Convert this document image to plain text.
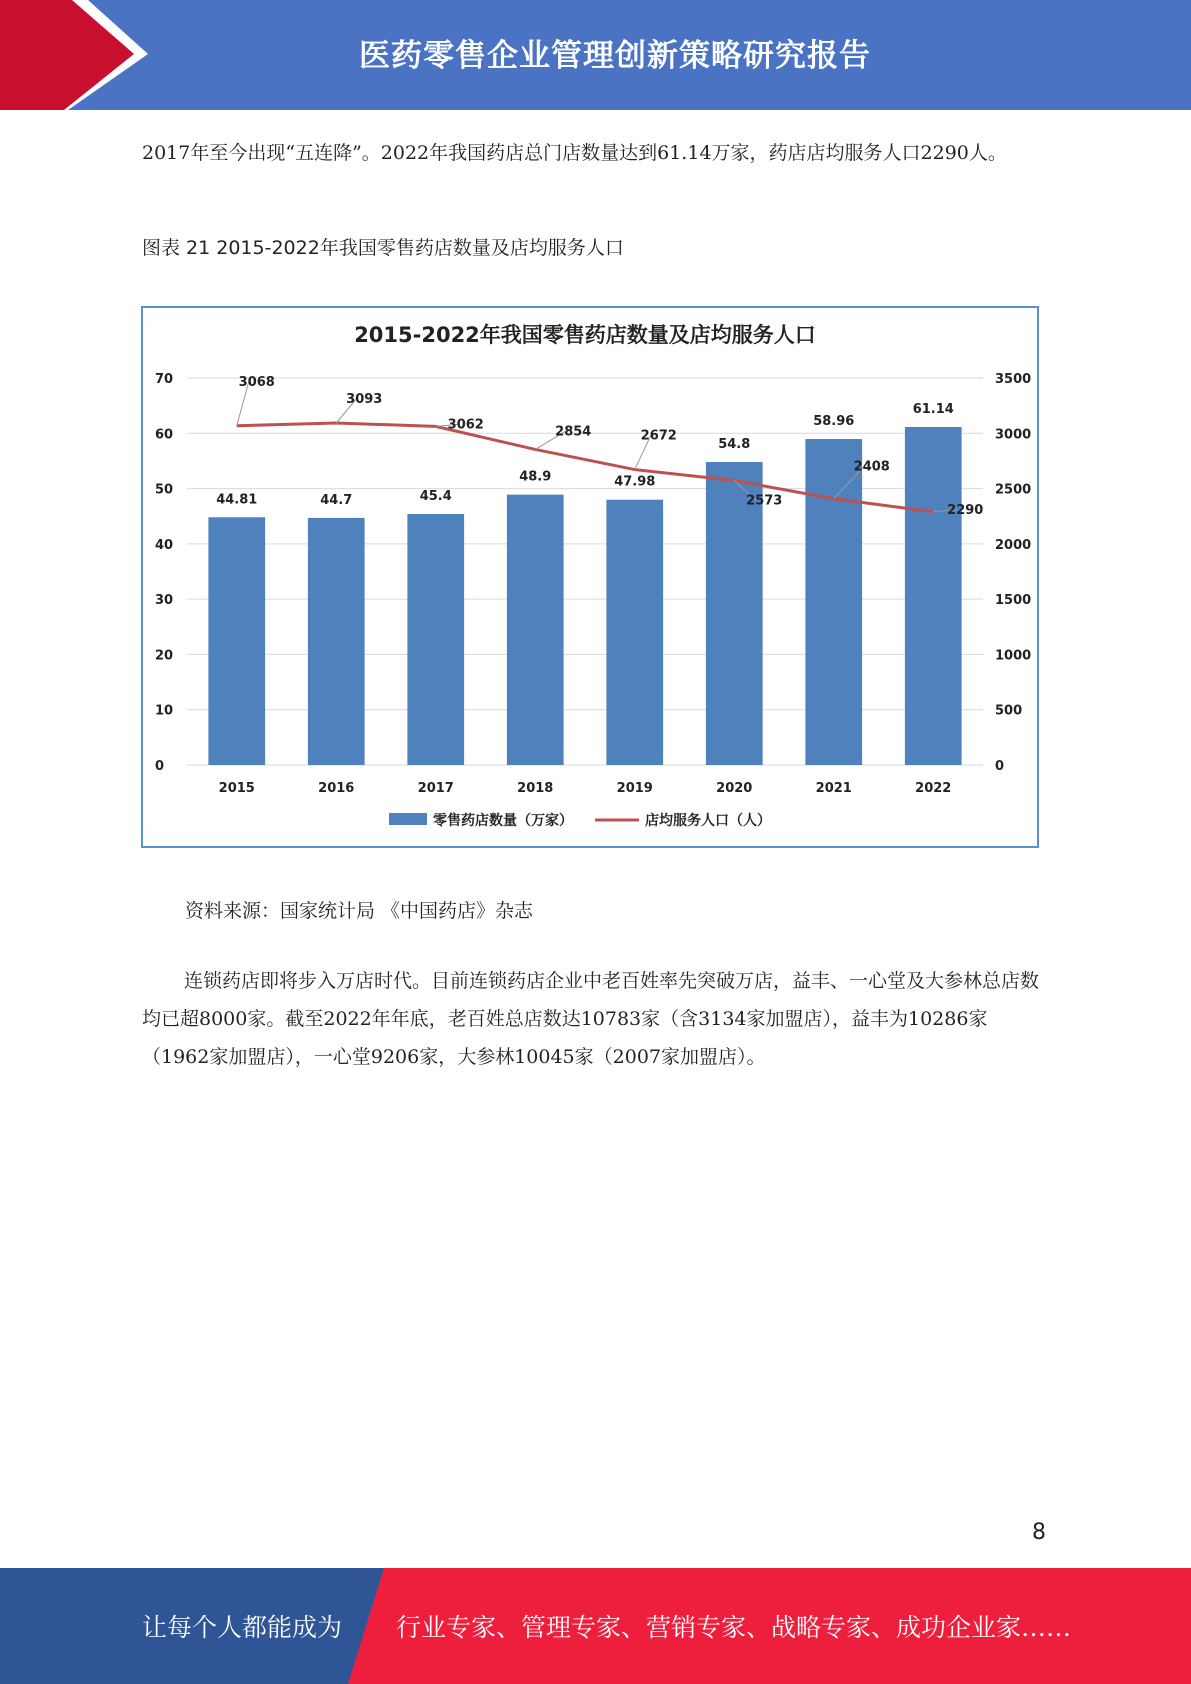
医药零售企业管理创新策略研究报告
2017年至今出现“五连降”。2022年我国药店总门店数量达到61.14万家，药店店均服务人口2290人。
图表 21 2015-2022年我国零售药店数量及店均服务人口
2015-2022年我国零售药店数量及店均服务人口
0
10
20
30
40
50
60
70
0
500
1000
1500
2000
2500
3000
3500
2015	2016	2017	2018	2019	2020	2021	2022
44.81	44.7	45.4
48.9	47.98
54.8
58.96
61.14
3068
3093
3062	2854	2672
2573
2408
2290
零售药店数量（万家）	店均服务人口（人）
资料来源：国家统计局 《中国药店》杂志
连锁药店即将步入万店时代。目前连锁药店企业中老百姓率先突破万店，益丰、一心堂及大参林总店数均已超8000家。截至2022年年底，老百姓总店数达10783家（含3134家加盟店），益丰为10286家（1962家加盟店），一心堂9206家，大参林10045家（2007家加盟店）。
8
让每个人都能成为 行业专家、管理专家、营销专家、战略专家、成功企业家……
